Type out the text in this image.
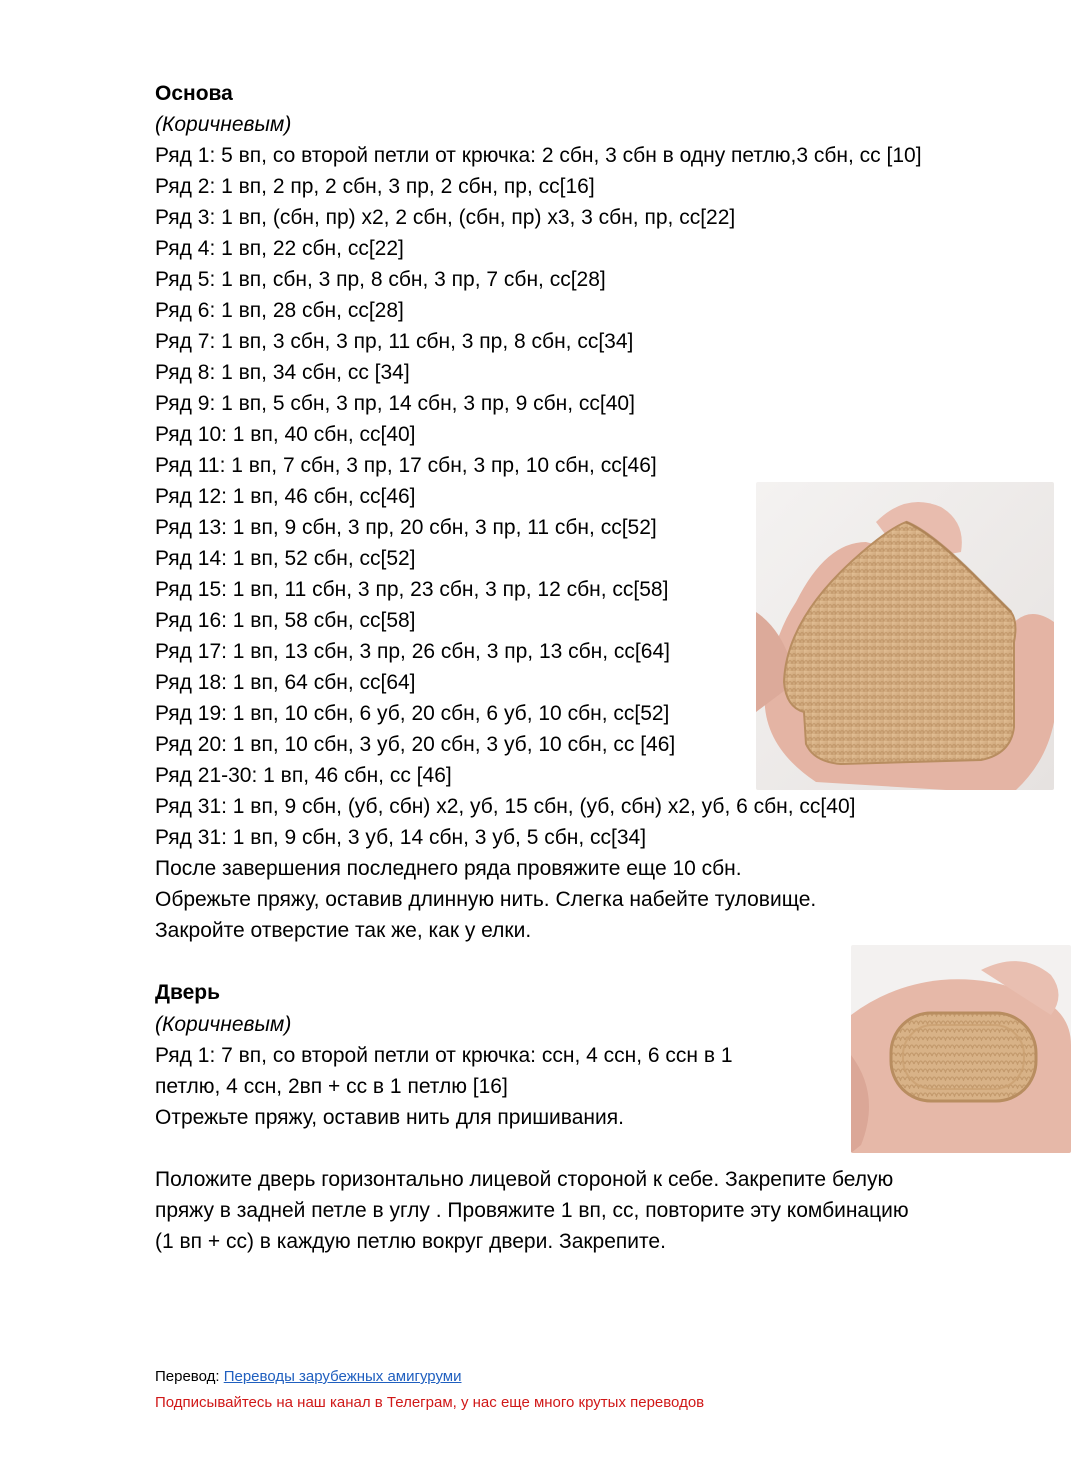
Основа
(Коричневым)
Ряд 1: 5 вп, со второй петли от крючка: 2 сбн, 3 сбн в одну петлю,3 сбн, сс [10]
Ряд 2: 1 вп, 2 пр, 2 сбн, 3 пр, 2 сбн, пр, сс[16]
Ряд 3: 1 вп, (сбн, пр) х2, 2 сбн, (сбн, пр) х3, 3 сбн, пр, сс[22]
Ряд 4: 1 вп, 22 сбн, сс[22]
Ряд 5: 1 вп, сбн, 3 пр, 8 сбн, 3 пр, 7 сбн, сс[28]
Ряд 6: 1 вп, 28 сбн, сс[28]
Ряд 7: 1 вп, 3 сбн, 3 пр, 11 сбн, 3 пр, 8 сбн, сс[34]
Ряд 8: 1 вп, 34 сбн, сс [34]
Ряд 9: 1 вп, 5 сбн, 3 пр, 14 сбн, 3 пр, 9 сбн, сс[40]
Ряд 10: 1 вп, 40 сбн, сс[40]
Ряд 11: 1 вп, 7 сбн, 3 пр, 17 сбн, 3 пр, 10 сбн, сс[46]
Ряд 12: 1 вп, 46 сбн, сс[46]
Ряд 13: 1 вп, 9 сбн, 3 пр, 20 сбн, 3 пр, 11 сбн, сс[52]
Ряд 14: 1 вп, 52 сбн, сс[52]
Ряд 15: 1 вп, 11 сбн, 3 пр, 23 сбн, 3 пр, 12 сбн, сс[58]
Ряд 16: 1 вп, 58 сбн, сс[58]
Ряд 17: 1 вп, 13 сбн, 3 пр, 26 сбн, 3 пр, 13 сбн, сс[64]
Ряд 18: 1 вп, 64 сбн, сс[64]
Ряд 19: 1 вп, 10 сбн, 6 уб, 20 сбн, 6 уб, 10 сбн, сс[52]
Ряд 20: 1 вп, 10 сбн, 3 уб, 20 сбн, 3 уб, 10 сбн, сс [46]
Ряд 21-30: 1 вп, 46 сбн, сс [46]
Ряд 31: 1 вп, 9 сбн, (уб, сбн) х2, уб, 15 сбн, (уб, сбн) х2, уб, 6 сбн, сс[40]
Ряд 31: 1 вп, 9 сбн, 3 уб, 14 сбн, 3 уб, 5 сбн, сс[34]
После завершения последнего ряда провяжите еще 10 сбн.
Обрежьте пряжу, оставив длинную нить. Слегка набейте туловище.
Закройте отверстие так же, как у елки.
Дверь
(Коричневым)
Ряд 1: 7 вп, со второй петли от крючка: ссн, 4 ссн, 6 ссн в 1
петлю, 4 ссн, 2вп + сс в 1 петлю [16]
Отрежьте пряжу, оставив нить для пришивания.
Положите дверь горизонтально лицевой стороной к себе. Закрепите белую
пряжу в задней петле в углу . Провяжите 1 вп, сс, повторите эту комбинацию
(1 вп + сс) в каждую петлю вокруг двери. Закрепите.
Перевод: Переводы зарубежных амигуруми
Подписывайтесь на наш канал в Телеграм, у нас еще много крутых переводов
